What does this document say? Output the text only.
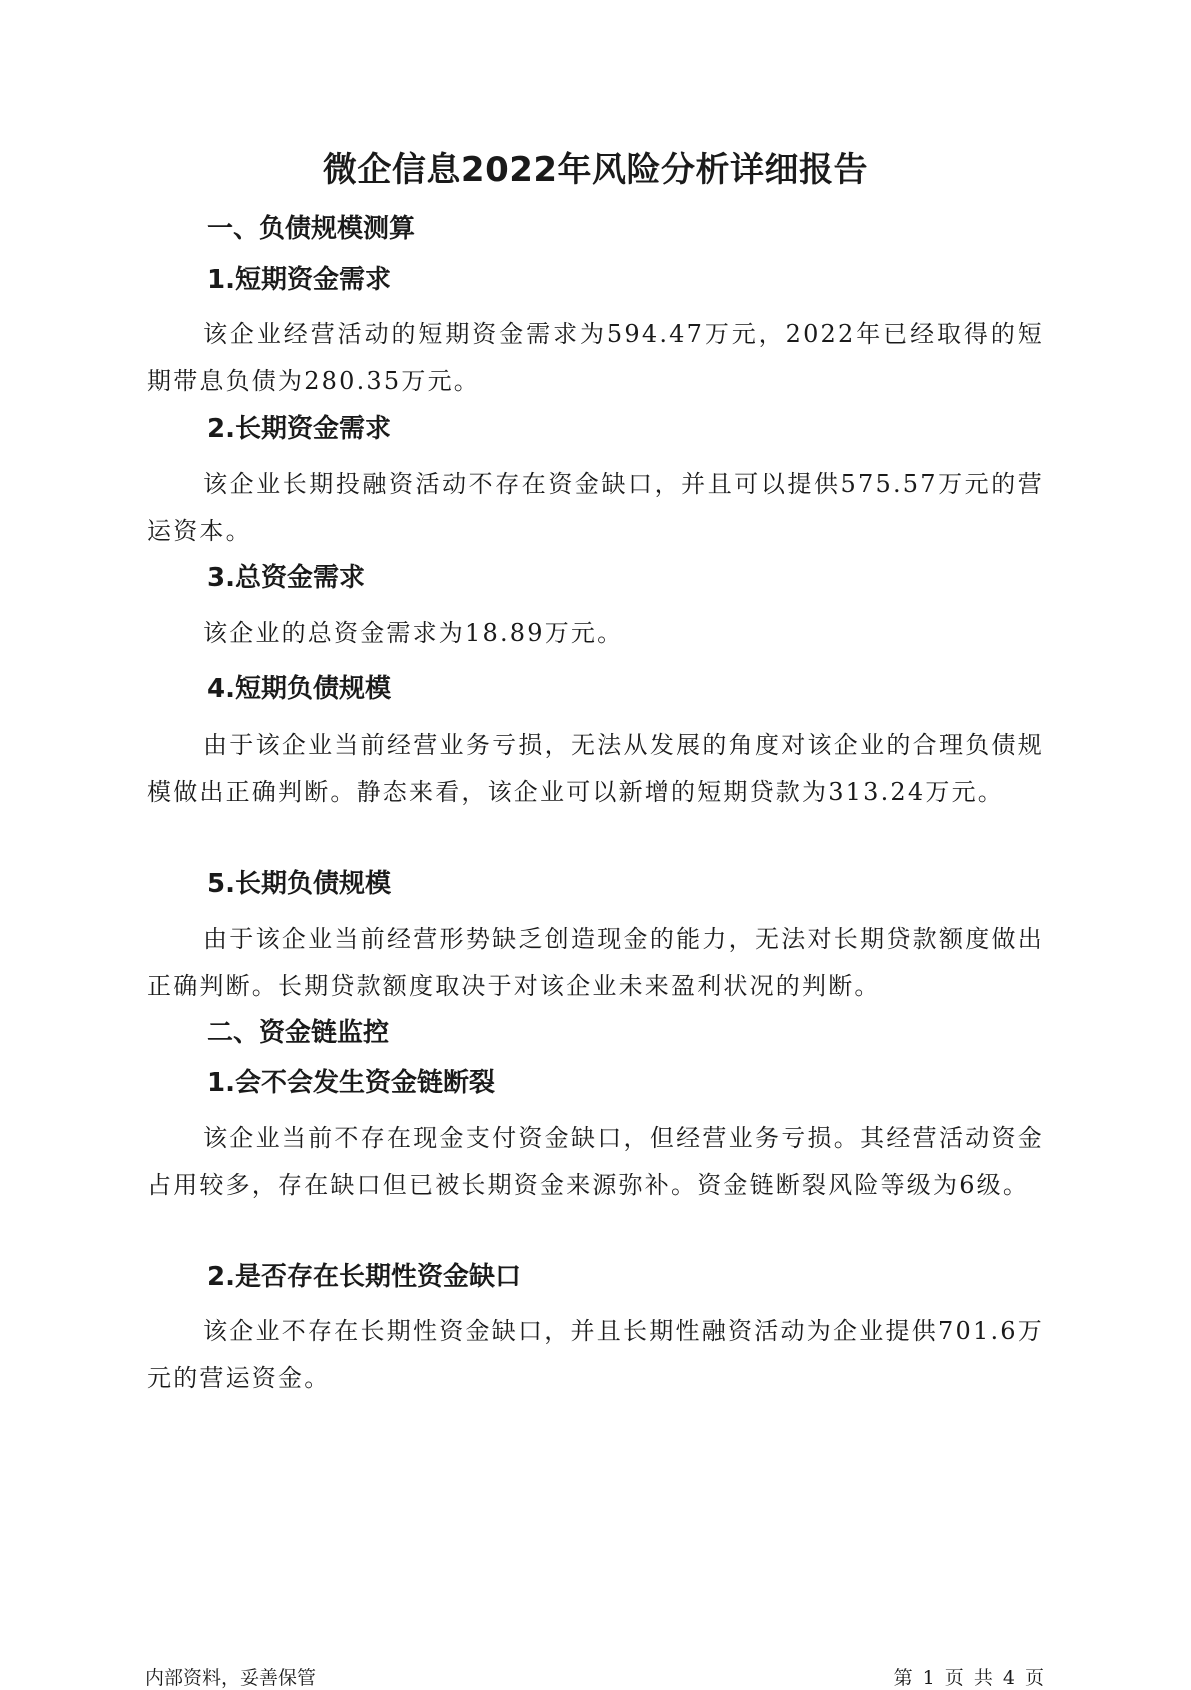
微企信息2022年风险分析详细报告
一、负债规模测算
1.短期资金需求

该企业经营活动的短期资金需求为594.47万元，2022年已经取得的短期带息负债为280.35万元。

2.长期资金需求

该企业长期投融资活动不存在资金缺口，并且可以提供575.57万元的营运资本。

3.总资金需求

该企业的总资金需求为18.89万元。

4.短期负债规模

由于该企业当前经营业务亏损，无法从发展的角度对该企业的合理负债规模做出正确判断。静态来看，该企业可以新增的短期贷款为313.24万元。

5.长期负债规模

由于该企业当前经营形势缺乏创造现金的能力，无法对长期贷款额度做出正确判断。长期贷款额度取决于对该企业未来盈利状况的判断。

二、资金链监控
1.会不会发生资金链断裂

该企业当前不存在现金支付资金缺口，但经营业务亏损。其经营活动资金占用较多，存在缺口但已被长期资金来源弥补。资金链断裂风险等级为6级。

2.是否存在长期性资金缺口

该企业不存在长期性资金缺口，并且长期性融资活动为企业提供701.6万元的营运资金。

内部资料，妥善保管	第 1 页 共 4 页
